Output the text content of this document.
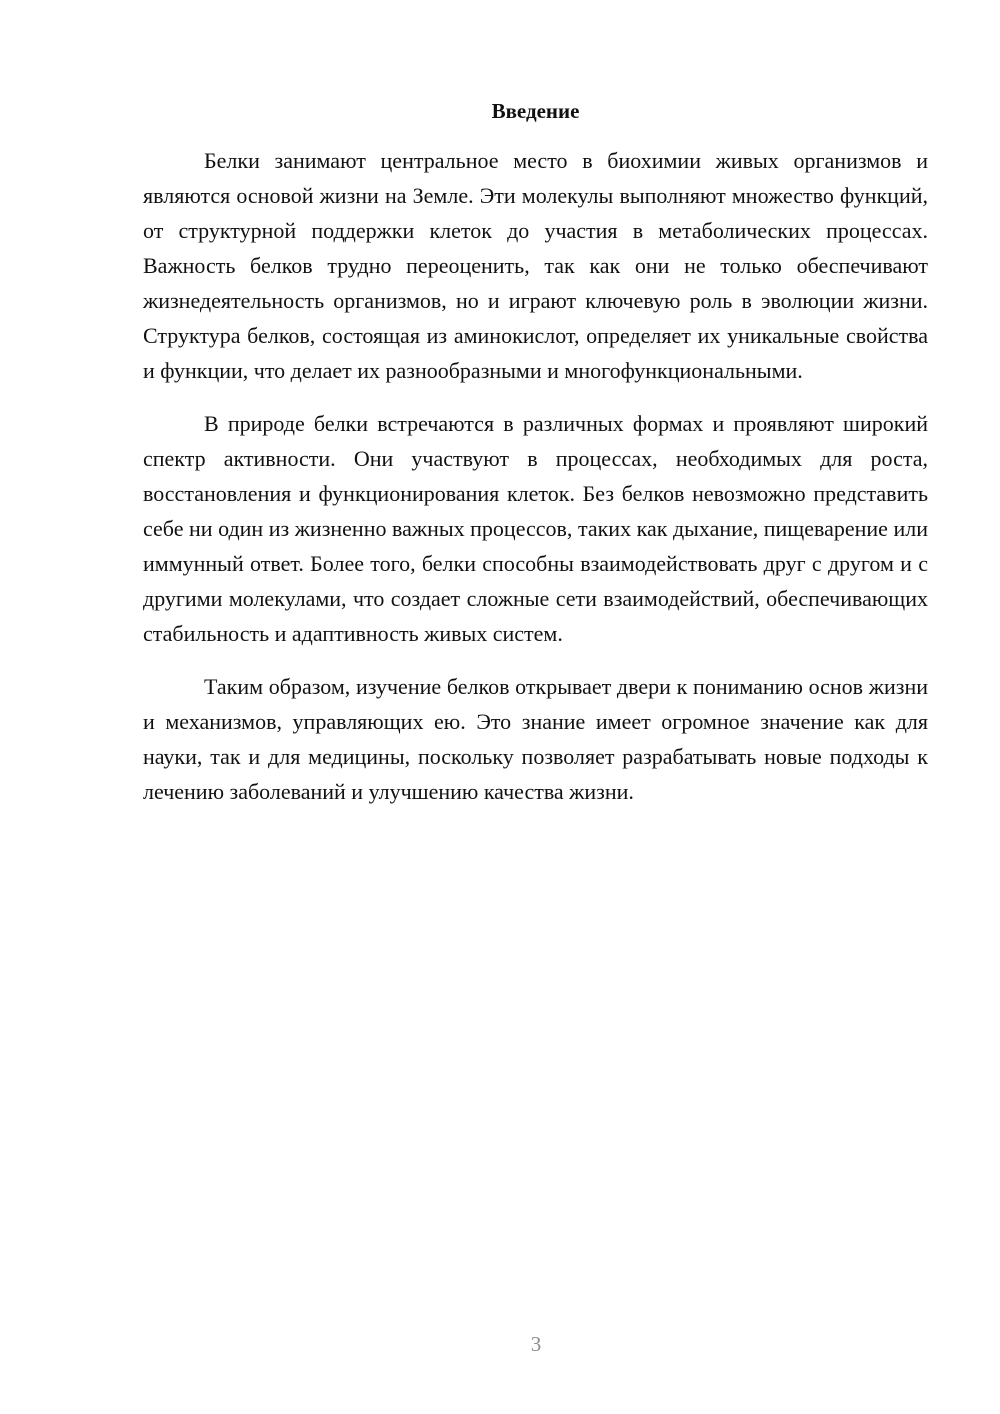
Введение

Белки занимают центральное место в биохимии живых организмов и являются основой жизни на Земле. Эти молекулы выполняют множество функций, от структурной поддержки клеток до участия в метаболических процессах. Важность белков трудно переоценить, так как они не только обеспечивают жизнедеятельность организмов, но и играют ключевую роль в эволюции жизни. Структура белков, состоящая из аминокислот, определяет их уникальные свойства и функции, что делает их разнообразными и многофункциональными.

В природе белки встречаются в различных формах и проявляют широкий спектр активности. Они участвуют в процессах, необходимых для роста, восстановления и функционирования клеток. Без белков невозможно представить себе ни один из жизненно важных процессов, таких как дыхание, пищеварение или иммунный ответ. Более того, белки способны взаимодействовать друг с другом и с другими молекулами, что создает сложные сети взаимодействий, обеспечивающих стабильность и адаптивность живых систем.

Таким образом, изучение белков открывает двери к пониманию основ жизни и механизмов, управляющих ею. Это знание имеет огромное значение как для науки, так и для медицины, поскольку позволяет разрабатывать новые подходы к лечению заболеваний и улучшению качества жизни.

3
